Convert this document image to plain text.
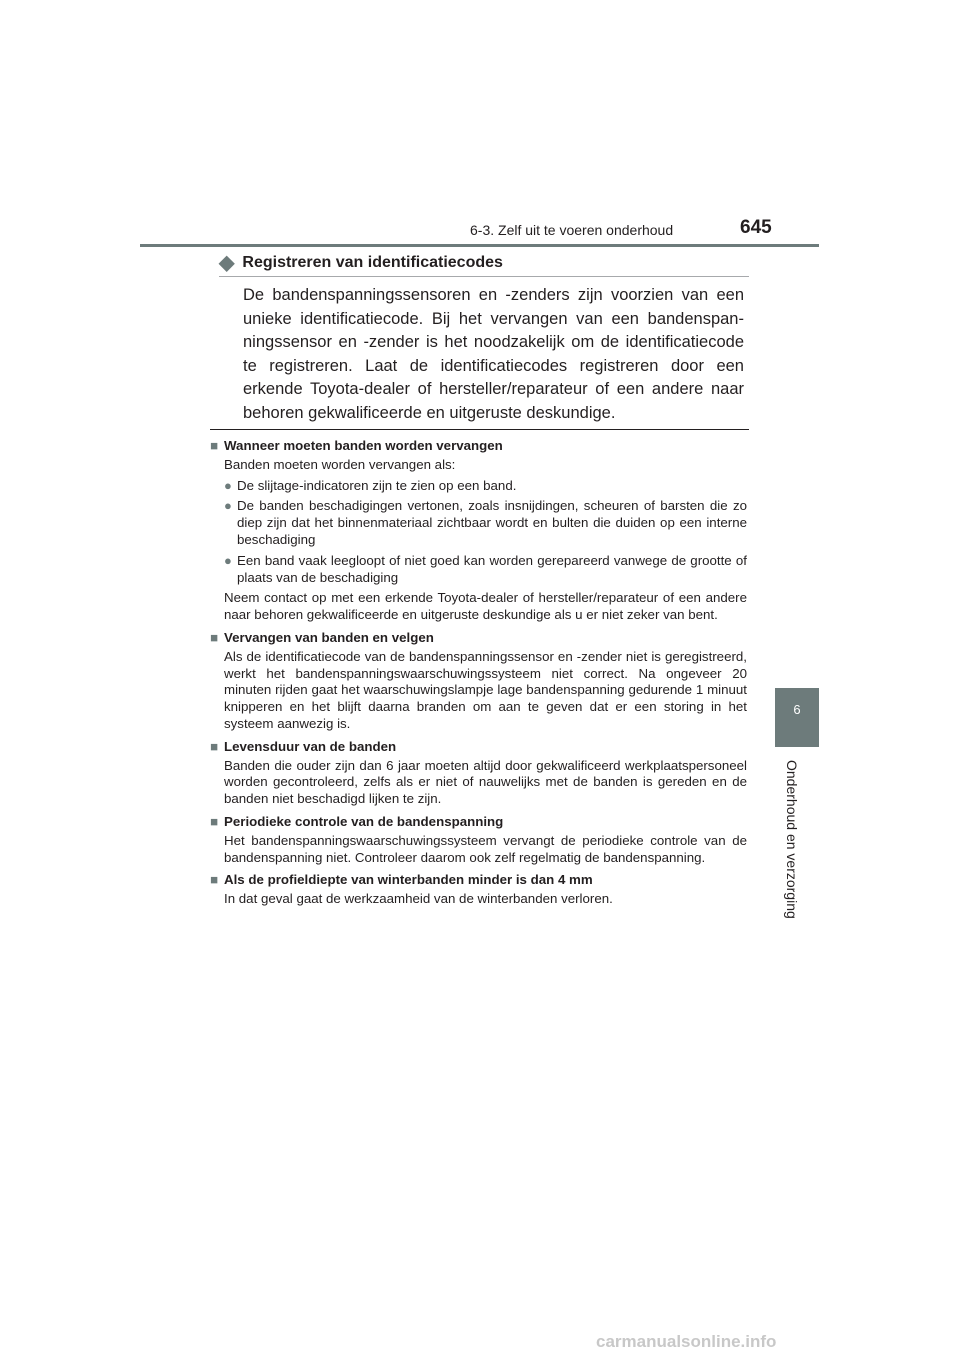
6-3. Zelf uit te voeren onderhoud	645
6
Onderhoud en verzorging
◆ Registreren van identificatiecodes
De bandenspanningssensoren en -zenders zijn voorzien van een unieke identificatiecode. Bij het vervangen van een bandenspanningssensor en -zender is het noodzakelijk om de identificatiecode te registreren. Laat de identificatiecodes registreren door een erkende Toyota-dealer of hersteller/reparateur of een andere naar behoren gekwalificeerde en uitgeruste deskundige.
■ Wanneer moeten banden worden vervangen
Banden moeten worden vervangen als:
● De slijtage-indicatoren zijn te zien op een band.
● De banden beschadigingen vertonen, zoals insnijdingen, scheuren of barsten die zo diep zijn dat het binnenmateriaal zichtbaar wordt en bulten die duiden op een interne beschadiging
● Een band vaak leegloopt of niet goed kan worden gerepareerd vanwege de grootte of plaats van de beschadiging
Neem contact op met een erkende Toyota-dealer of hersteller/reparateur of een andere naar behoren gekwalificeerde en uitgeruste deskundige als u er niet zeker van bent.
■ Vervangen van banden en velgen
Als de identificatiecode van de bandenspanningssensor en -zender niet is geregistreerd, werkt het bandenspanningswaarschuwingssysteem niet correct. Na ongeveer 20 minuten rijden gaat het waarschuwingslampje lage bandenspanning gedurende 1 minuut knipperen en het blijft daarna branden om aan te geven dat er een storing in het systeem aanwezig is.
■ Levensduur van de banden
Banden die ouder zijn dan 6 jaar moeten altijd door gekwalificeerd werkplaatspersoneel worden gecontroleerd, zelfs als er niet of nauwelijks met de banden is gereden en de banden niet beschadigd lijken te zijn.
■ Periodieke controle van de bandenspanning
Het bandenspanningswaarschuwingssysteem vervangt de periodieke controle van de bandenspanning niet. Controleer daarom ook zelf regelmatig de bandenspanning.
■ Als de profieldiepte van winterbanden minder is dan 4 mm
In dat geval gaat de werkzaamheid van de winterbanden verloren.
carmanualsonline.info
